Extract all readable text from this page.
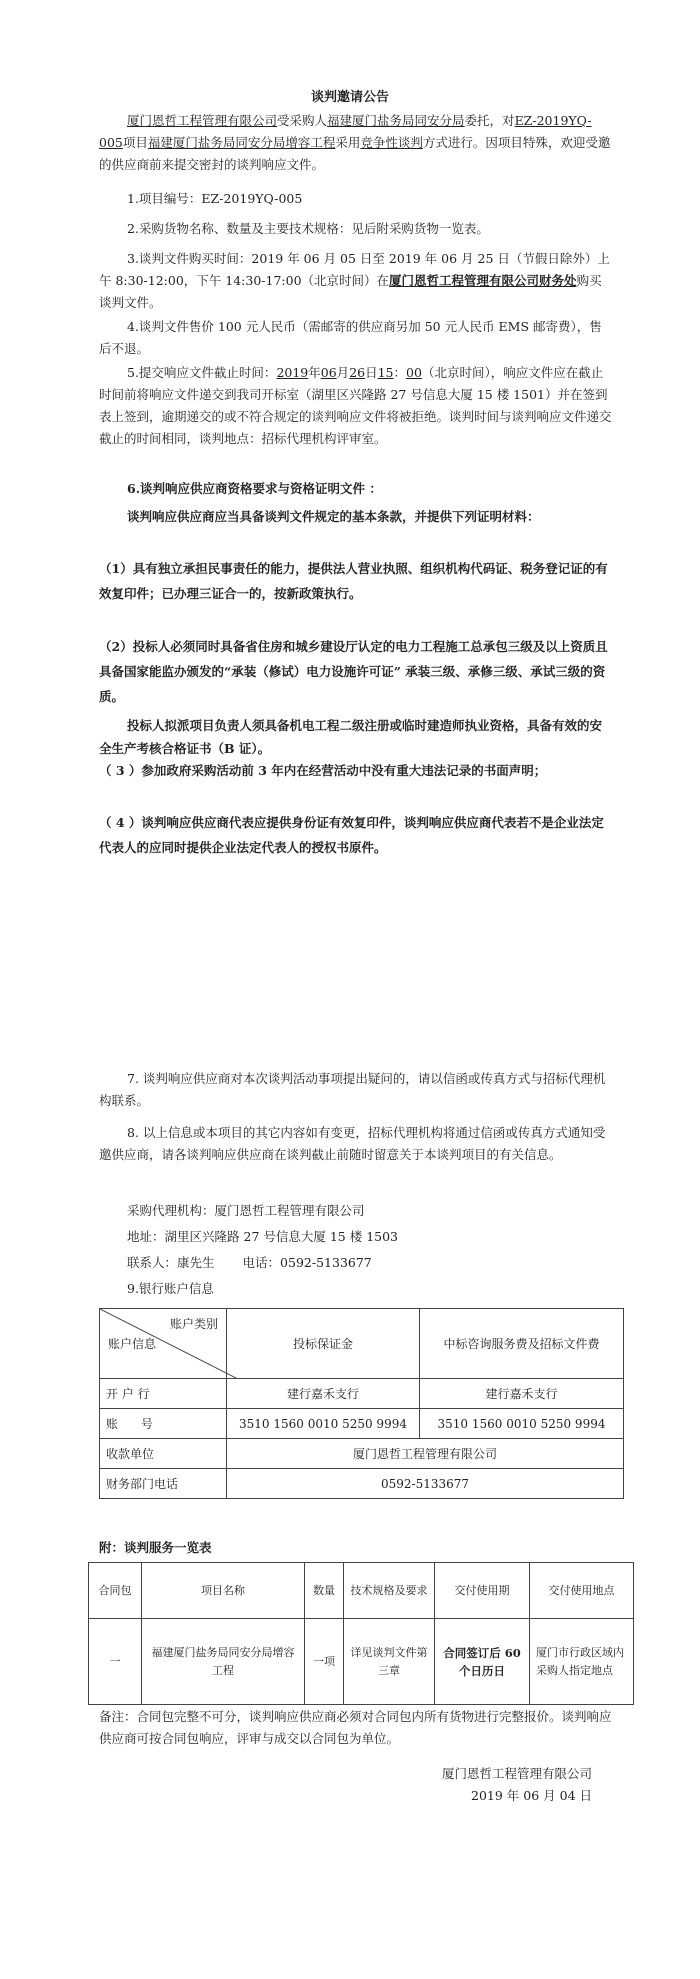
谈判邀请公告
厦门恩哲工程管理有限公司受采购人福建厦门盐务局同安分局委托，对EZ-2019YQ-005项目福建厦门盐务局同安分局增容工程采用竞争性谈判方式进行。因项目特殊，欢迎受邀的供应商前来提交密封的谈判响应文件。
1.项目编号：EZ-2019YQ-005
2.采购货物名称、数量及主要技术规格：见后附采购货物一览表。
3.谈判文件购买时间：2019 年 06 月 05 日至 2019 年 06 月 25 日（节假日除外）上午 8:30-12:00，下午 14:30-17:00（北京时间）在厦门恩哲工程管理有限公司财务处购买谈判文件。
4.谈判文件售价 100 元人民币（需邮寄的供应商另加 50 元人民币 EMS 邮寄费），售后不退。
5.提交响应文件截止时间：2019年06月26日15：00（北京时间），响应文件应在截止时间前将响应文件递交到我司开标室（湖里区兴隆路 27 号信息大厦 15 楼 1501）并在签到表上签到，逾期递交的或不符合规定的谈判响应文件将被拒绝。谈判时间与谈判响应文件递交截止的时间相同，谈判地点：招标代理机构评审室。
6.谈判响应供应商资格要求与资格证明文件 ：
谈判响应供应商应当具备谈判文件规定的基本条款，并提供下列证明材料：
（1）具有独立承担民事责任的能力，提供法人营业执照、组织机构代码证、税务登记证的有效复印件；已办理三证合一的，按新政策执行。
（2）投标人必须同时具备省住房和城乡建设厅认定的电力工程施工总承包三级及以上资质且具备国家能监办颁发的“承装（修试）电力设施许可证” 承装三级、承修三级、承试三级的资质。
投标人拟派项目负责人须具备机电工程二级注册或临时建造师执业资格，具备有效的安全生产考核合格证书（B 证）。
（ 3 ）参加政府采购活动前 3 年内在经营活动中没有重大违法记录的书面声明；
（ 4 ）谈判响应供应商代表应提供身份证有效复印件，谈判响应供应商代表若不是企业法定代表人的应同时提供企业法定代表人的授权书原件。
7. 谈判响应供应商对本次谈判活动事项提出疑问的，请以信函或传真方式与招标代理机构联系。
8. 以上信息或本项目的其它内容如有变更，招标代理机构将通过信函或传真方式通知受邀供应商，请各谈判响应供应商在谈判截止前随时留意关于本谈判项目的有关信息。
采购代理机构：厦门恩哲工程管理有限公司
地址：湖里区兴隆路 27 号信息大厦 15 楼 1503
联系人：康先生 电话：0592-5133677
9.银行账户信息
账户类别
账户信息	投标保证金	中标咨询服务费及招标文件费
开 户 行	建行嘉禾支行	建行嘉禾支行
账      号	3510 1560 0010 5250 9994	3510 1560 0010 5250 9994
收款单位	厦门恩哲工程管理有限公司	
财务部门电话	0592-5133677	
附：谈判服务一览表
合同包	项目名称	数量	技术规格及要求	交付使用期	交付使用地点
一	福建厦门盐务局同安分局增容工程	一项	详见谈判文件第三章	合同签订后 60 个日历日	厦门市行政区域内采购人指定地点
备注：合同包完整不可分，谈判响应供应商必须对合同包内所有货物进行完整报价。谈判响应供应商可按合同包响应，评审与成交以合同包为单位。
厦门恩哲工程管理有限公司
2019 年 06 月 04 日
